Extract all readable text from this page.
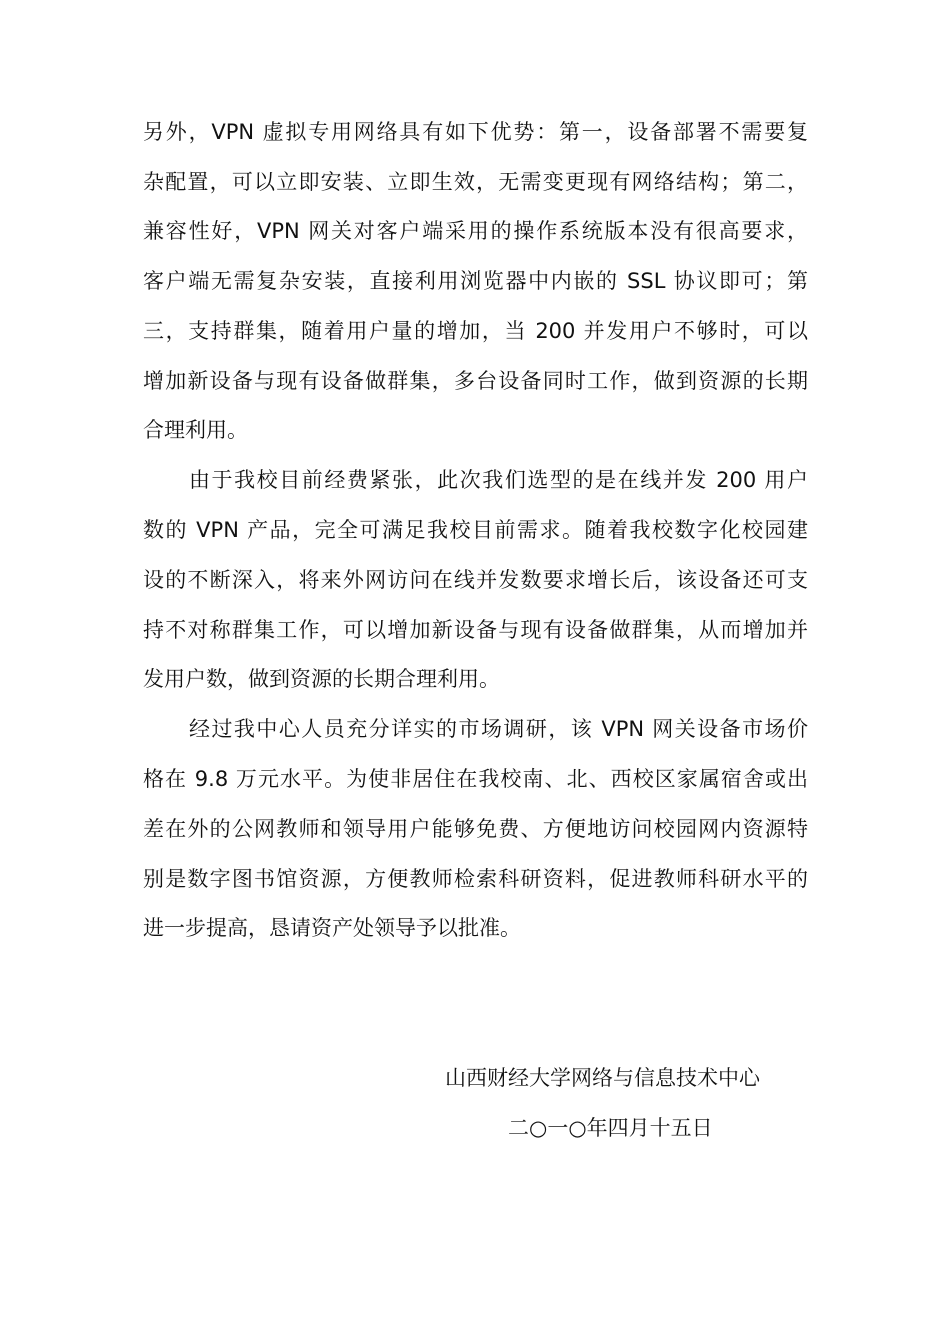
另外，VPN 虚拟专用网络具有如下优势：第一，设备部署不需要复
杂配置，可以立即安装、立即生效，无需变更现有网络结构；第二，
兼容性好，VPN 网关对客户端采用的操作系统版本没有很高要求，
客户端无需复杂安装，直接利用浏览器中内嵌的 SSL 协议即可；第
三，支持群集，随着用户量的增加，当 200 并发用户不够时，可以
增加新设备与现有设备做群集，多台设备同时工作，做到资源的长期
合理利用。
由于我校目前经费紧张，此次我们选型的是在线并发 200 用户
数的 VPN 产品，完全可满足我校目前需求。随着我校数字化校园建
设的不断深入，将来外网访问在线并发数要求增长后，该设备还可支
持不对称群集工作，可以增加新设备与现有设备做群集，从而增加并
发用户数，做到资源的长期合理利用。
经过我中心人员充分详实的市场调研，该 VPN 网关设备市场价
格在 9.8 万元水平。为使非居住在我校南、北、西校区家属宿舍或出
差在外的公网教师和领导用户能够免费、方便地访问校园网内资源特
别是数字图书馆资源，方便教师检索科研资料，促进教师科研水平的
进一步提高，恳请资产处领导予以批准。
山西财经大学网络与信息技术中心
二○一○年四月十五日
